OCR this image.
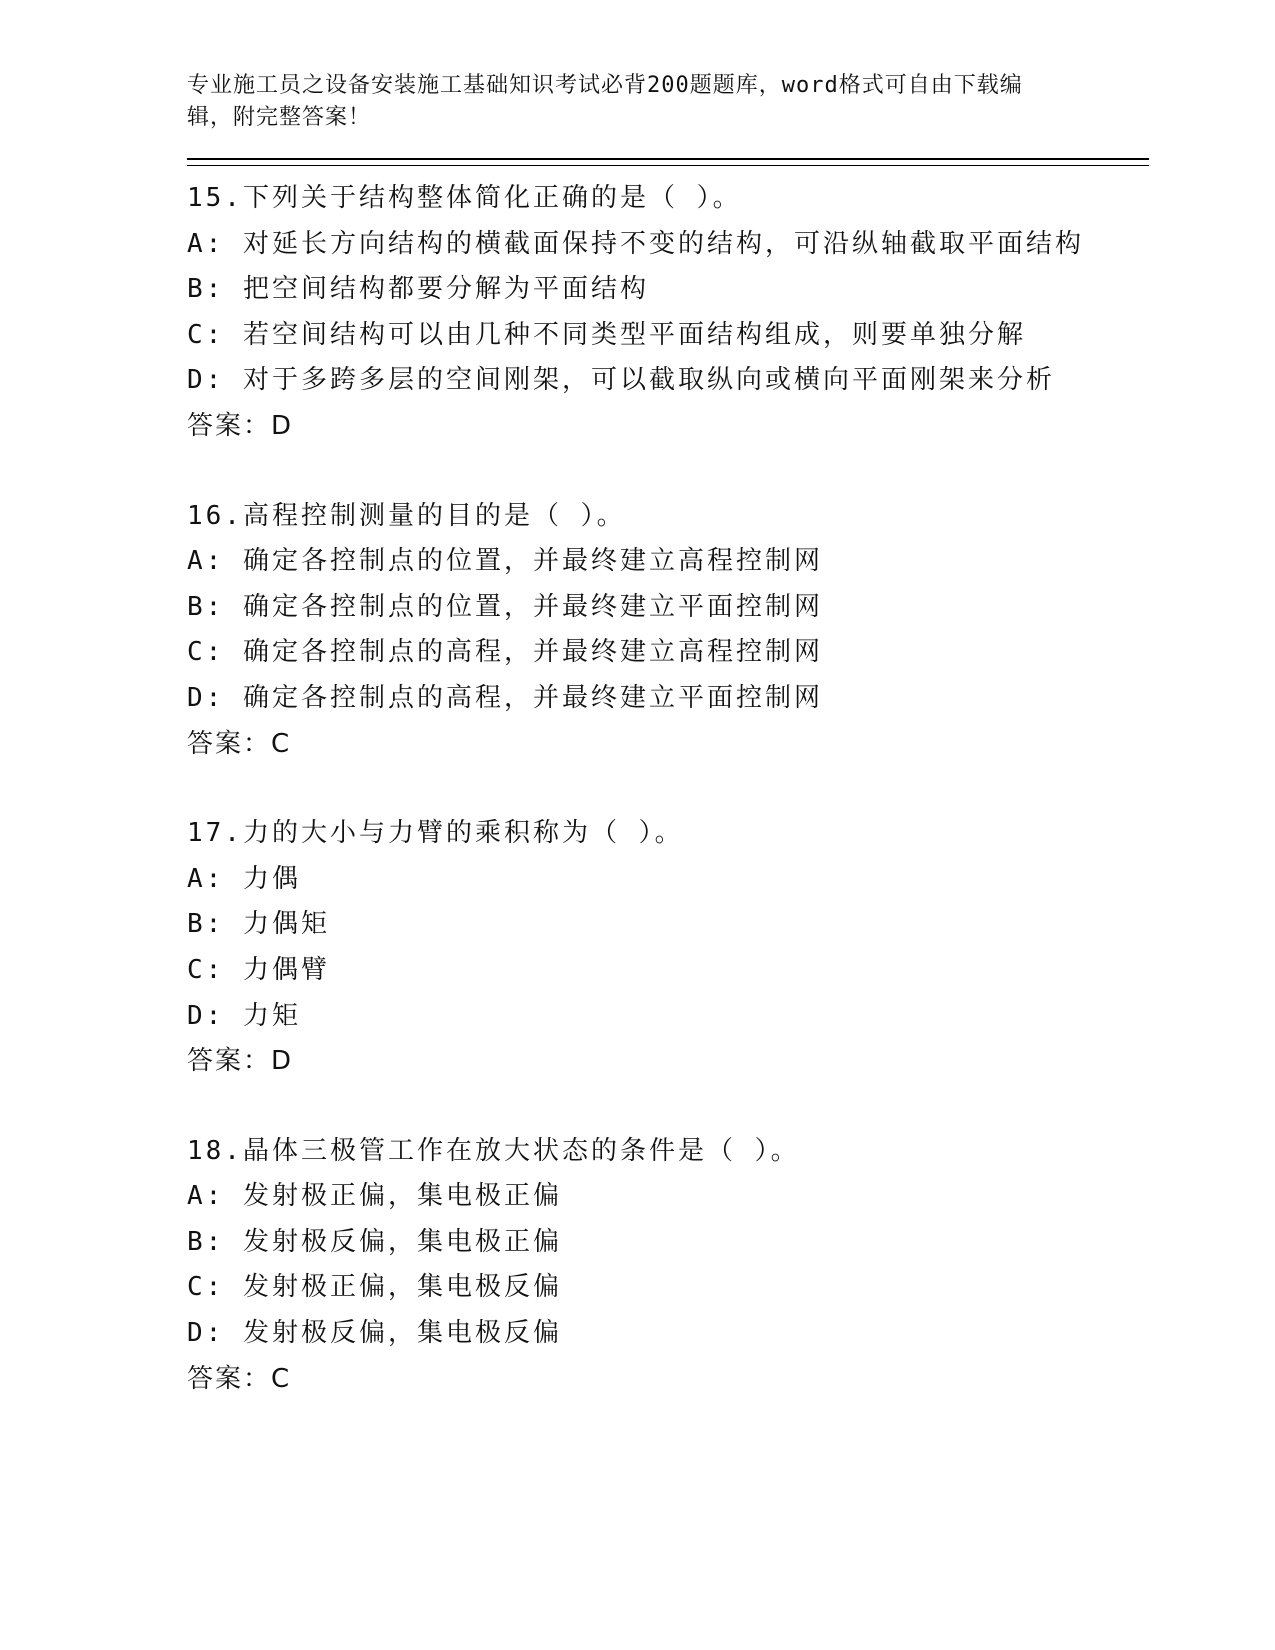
专业施工员之设备安装施工基础知识考试必背200题题库，word格式可自由下载编辑，附完整答案！
15.下列关于结构整体简化正确的是（ ）。
A: 对延长方向结构的横截面保持不变的结构，可沿纵轴截取平面结构
B: 把空间结构都要分解为平面结构
C: 若空间结构可以由几种不同类型平面结构组成，则要单独分解
D: 对于多跨多层的空间刚架，可以截取纵向或横向平面刚架来分析
答案：D
16.高程控制测量的目的是（ ）。
A: 确定各控制点的位置，并最终建立高程控制网
B: 确定各控制点的位置，并最终建立平面控制网
C: 确定各控制点的高程，并最终建立高程控制网
D: 确定各控制点的高程，并最终建立平面控制网
答案：C
17.力的大小与力臂的乘积称为（ ）。
A: 力偶
B: 力偶矩
C: 力偶臂
D: 力矩
答案：D
18.晶体三极管工作在放大状态的条件是（ ）。
A: 发射极正偏，集电极正偏
B: 发射极反偏，集电极正偏
C: 发射极正偏，集电极反偏
D: 发射极反偏，集电极反偏
答案：C
